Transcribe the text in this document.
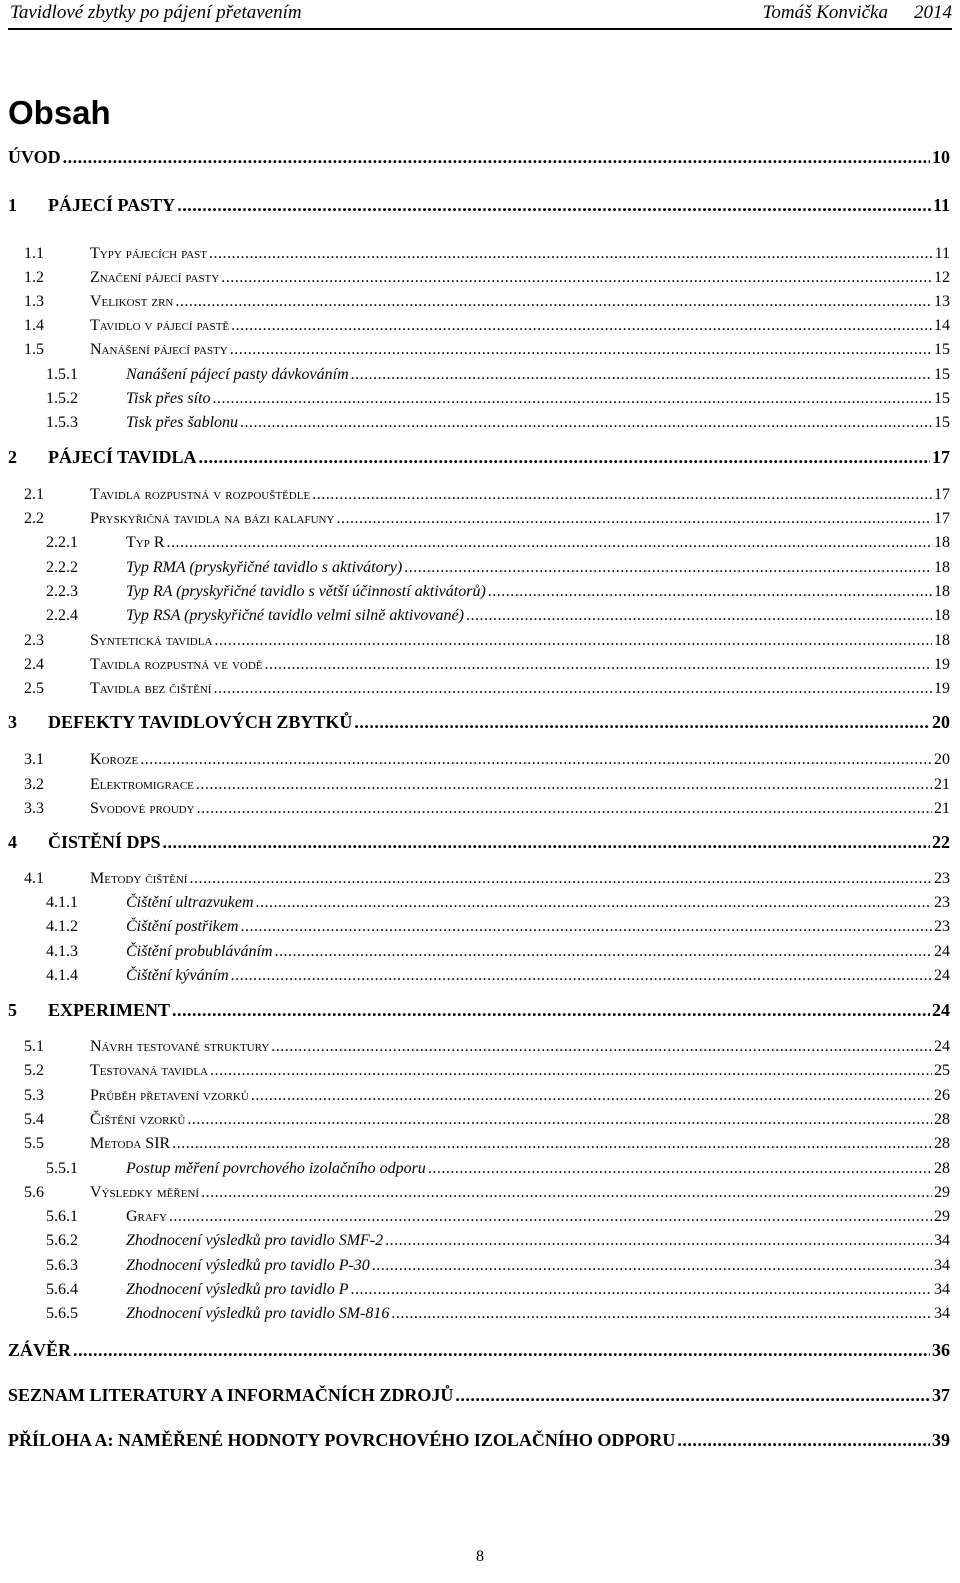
Tavidlové zbytky po pájení přetavením	Tomáš Konvička 2014
Obsah
ÚVOD .....	10
1	PÁJECÍ PASTY .....	11
1.1	Typy pájecích past .....	11
1.2	Značení pájecí pasty .....	12
1.3	Velikost zrn .....	13
1.4	Tavidlo v pájecí pastě .....	14
1.5	Nanášení pájecí pasty .....	15
1.5.1	Nanášení pájecí pasty dávkováním .....	15
1.5.2	Tisk přes síto .....	15
1.5.3	Tisk přes šablonu .....	15
2	PÁJECÍ TAVIDLA .....	17
2.1	Tavidla rozpustná v rozpouštědle .....	17
2.2	Pryskyřičná tavidla na bázi kalafuny .....	17
2.2.1	Typ R .....	18
2.2.2	Typ RMA (pryskyřičné tavidlo s aktivátory) .....	18
2.2.3	Typ RA (pryskyřičné tavidlo s větší účinností aktivátorů) .....	18
2.2.4	Typ RSA (pryskyřičné tavidlo velmi silně aktivované) .....	18
2.3	Syntetická tavidla .....	18
2.4	Tavidla rozpustná ve vodě .....	19
2.5	Tavidla bez čištění .....	19
3	DEFEKTY TAVIDLOVÝCH ZBYTKŮ .....	20
3.1	Koroze .....	20
3.2	Elektromigrace .....	21
3.3	Svodové proudy .....	21
4	ČISTĚNÍ DPS .....	22
4.1	Metody čištění .....	23
4.1.1	Čištění ultrazvukem .....	23
4.1.2	Čištění postřikem .....	23
4.1.3	Čištění probubláváním .....	24
4.1.4	Čištění kýváním .....	24
5	EXPERIMENT .....	24
5.1	Návrh testované struktury .....	24
5.2	Testovaná tavidla .....	25
5.3	Průběh přetavení vzorků .....	26
5.4	Čištění vzorků .....	28
5.5	Metoda SIR .....	28
5.5.1	Postup měření povrchového izolačního odporu .....	28
5.6	Výsledky měření .....	29
5.6.1	Grafy .....	29
5.6.2	Zhodnocení výsledků pro tavidlo SMF-2 .....	34
5.6.3	Zhodnocení výsledků pro tavidlo P-30 .....	34
5.6.4	Zhodnocení výsledků pro tavidlo P .....	34
5.6.5	Zhodnocení výsledků pro tavidlo SM-816 .....	34
ZÁVĚR .....	36
SEZNAM LITERATURY A INFORMAČNÍCH ZDROJŮ .....	37
PŘÍLOHA A: NAMĚŘENÉ HODNOTY POVRCHOVÉHO IZOLAČNÍHO ODPORU .....	39
8
